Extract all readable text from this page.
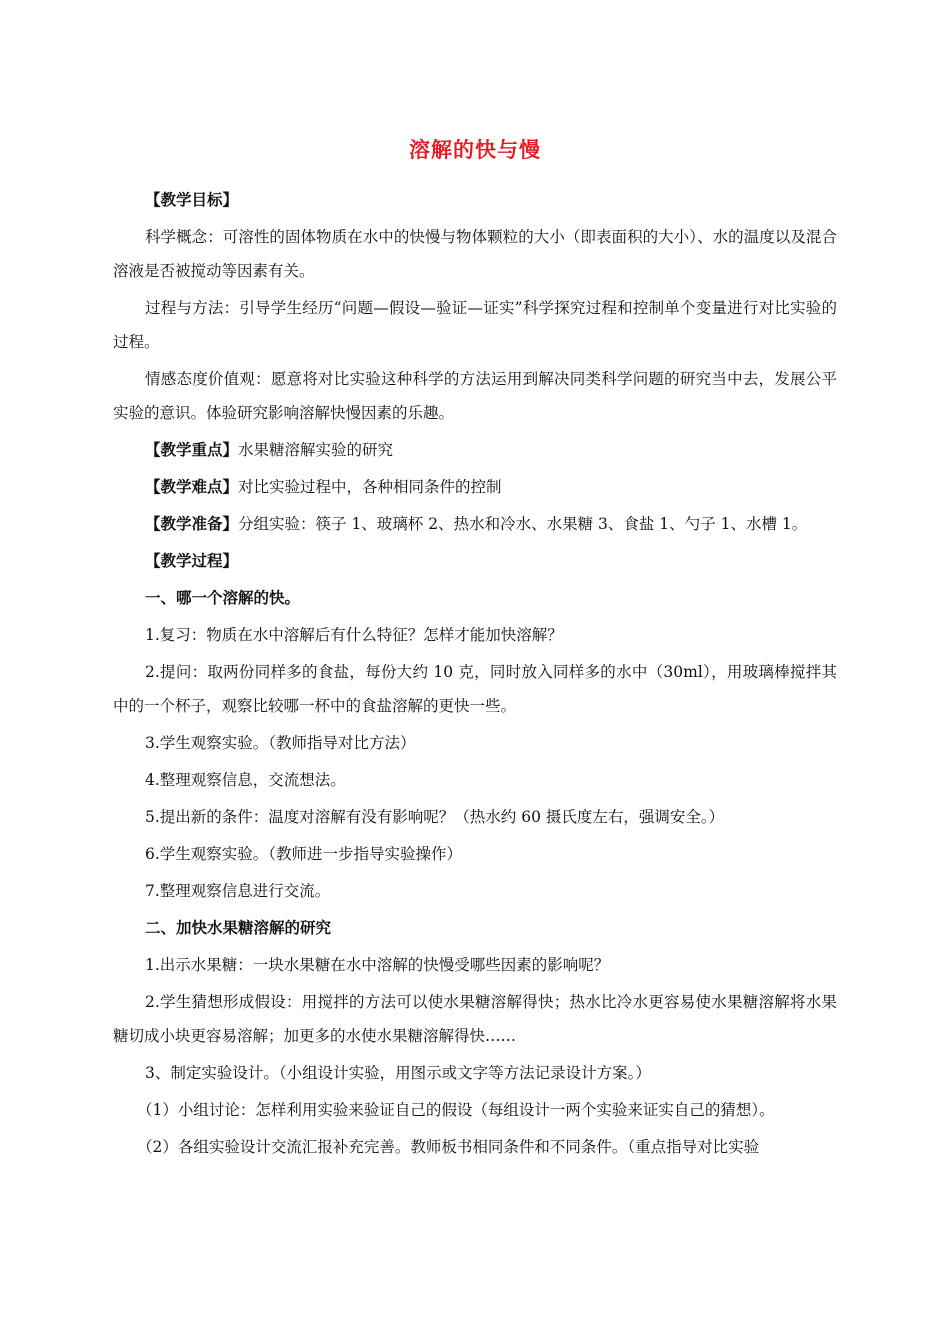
溶解的快与慢

【教学目标】

科学概念：可溶性的固体物质在水中的快慢与物体颗粒的大小（即表面积的大小）、水的温度以及混合溶液是否被搅动等因素有关。

过程与方法：引导学生经历“问题—假设—验证—证实”科学探究过程和控制单个变量进行对比实验的过程。

情感态度价值观：愿意将对比实验这种科学的方法运用到解决同类科学问题的研究当中去，发展公平实验的意识。体验研究影响溶解快慢因素的乐趣。

【教学重点】水果糖溶解实验的研究

【教学难点】对比实验过程中，各种相同条件的控制

【教学准备】分组实验：筷子 1、玻璃杯 2、热水和冷水、水果糖 3、食盐 1、勺子 1、水槽 1。

【教学过程】

一、哪一个溶解的快。

1.复习：物质在水中溶解后有什么特征？怎样才能加快溶解？

2.提问：取两份同样多的食盐，每份大约 10 克，同时放入同样多的水中（30ml），用玻璃棒搅拌其中的一个杯子，观察比较哪一杯中的食盐溶解的更快一些。

3.学生观察实验。（教师指导对比方法）

4.整理观察信息，交流想法。

5.提出新的条件：温度对溶解有没有影响呢？（热水约 60 摄氏度左右，强调安全。）

6.学生观察实验。（教师进一步指导实验操作）

7.整理观察信息进行交流。

二、加快水果糖溶解的研究

1.出示水果糖：一块水果糖在水中溶解的快慢受哪些因素的影响呢？

2.学生猜想形成假设：用搅拌的方法可以使水果糖溶解得快；热水比冷水更容易使水果糖溶解将水果糖切成小块更容易溶解；加更多的水使水果糖溶解得快……

3、制定实验设计。（小组设计实验，用图示或文字等方法记录设计方案。）

（1）小组讨论：怎样利用实验来验证自己的假设（每组设计一两个实验来证实自己的猜想）。

（2）各组实验设计交流汇报补充完善。教师板书相同条件和不同条件。（重点指导对比实验
